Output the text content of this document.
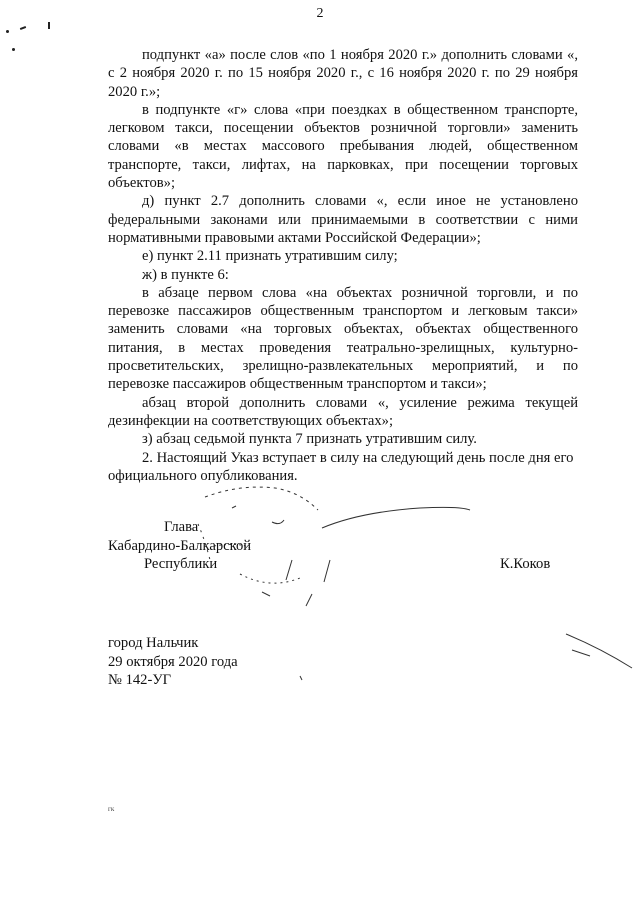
2

подпункт «а» после слов «по 1 ноября 2020 г.» дополнить словами «, с 2 ноября 2020 г. по 15 ноября 2020 г., с 16 ноября 2020 г. по 29 ноября 2020 г.»;

в подпункте «г» слова «при поездках в общественном транспорте, легковом такси, посещении объектов розничной торговли» заменить словами «в местах массового пребывания людей, общественном транспорте, такси, лифтах, на парковках, при посещении торговых объектов»;

д) пункт 2.7 дополнить словами «, если иное не установлено федеральными законами или принимаемыми в соответствии с ними нормативными правовыми актами Российской Федерации»;

е) пункт 2.11 признать утратившим силу;

ж) в пункте 6:

в абзаце первом слова «на объектах розничной торговли, и по перевозке пассажиров общественным транспортом и легковым такси» заменить словами «на торговых объектах, объектах общественного питания, в местах проведения театрально-зрелищных, культурно-просветительских, зрелищно-развлекательных мероприятий, и по перевозке пассажиров общественным транспортом и такси»;

абзац второй дополнить словами «, усиление режима текущей дезинфекции на соответствующих объектах»;

з) абзац седьмой пункта 7 признать утратившим силу.

2. Настоящий Указ вступает в силу на следующий день после дня его официального опубликования.

Глава
Кабардино-Балкарской
Республики	К.Коков
город Нальчик
29 октября 2020 года
№ 142-УГ
гк
